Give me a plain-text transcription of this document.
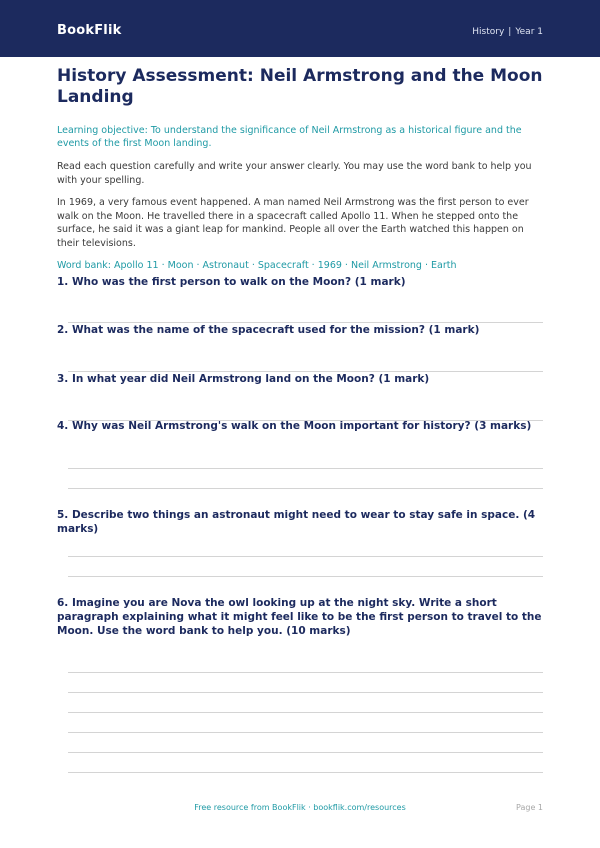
BookFlik	History | Year 1
History Assessment: Neil Armstrong and the Moon Landing
Learning objective: To understand the significance of Neil Armstrong as a historical figure and the events of the first Moon landing.
Read each question carefully and write your answer clearly. You may use the word bank to help you with your spelling.
In 1969, a very famous event happened. A man named Neil Armstrong was the first person to ever walk on the Moon. He travelled there in a spacecraft called Apollo 11. When he stepped onto the surface, he said it was a giant leap for mankind. People all over the Earth watched this happen on their televisions.
Word bank: Apollo 11 · Moon · Astronaut · Spacecraft · 1969 · Neil Armstrong · Earth
1. Who was the first person to walk on the Moon? (1 mark)
2. What was the name of the spacecraft used for the mission? (1 mark)
3. In what year did Neil Armstrong land on the Moon? (1 mark)
4. Why was Neil Armstrong's walk on the Moon important for history? (3 marks)
5. Describe two things an astronaut might need to wear to stay safe in space. (4 marks)
6. Imagine you are Nova the owl looking up at the night sky. Write a short paragraph explaining what it might feel like to be the first person to travel to the Moon. Use the word bank to help you. (10 marks)
Free resource from BookFlik · bookflik.com/resources	Page 1
